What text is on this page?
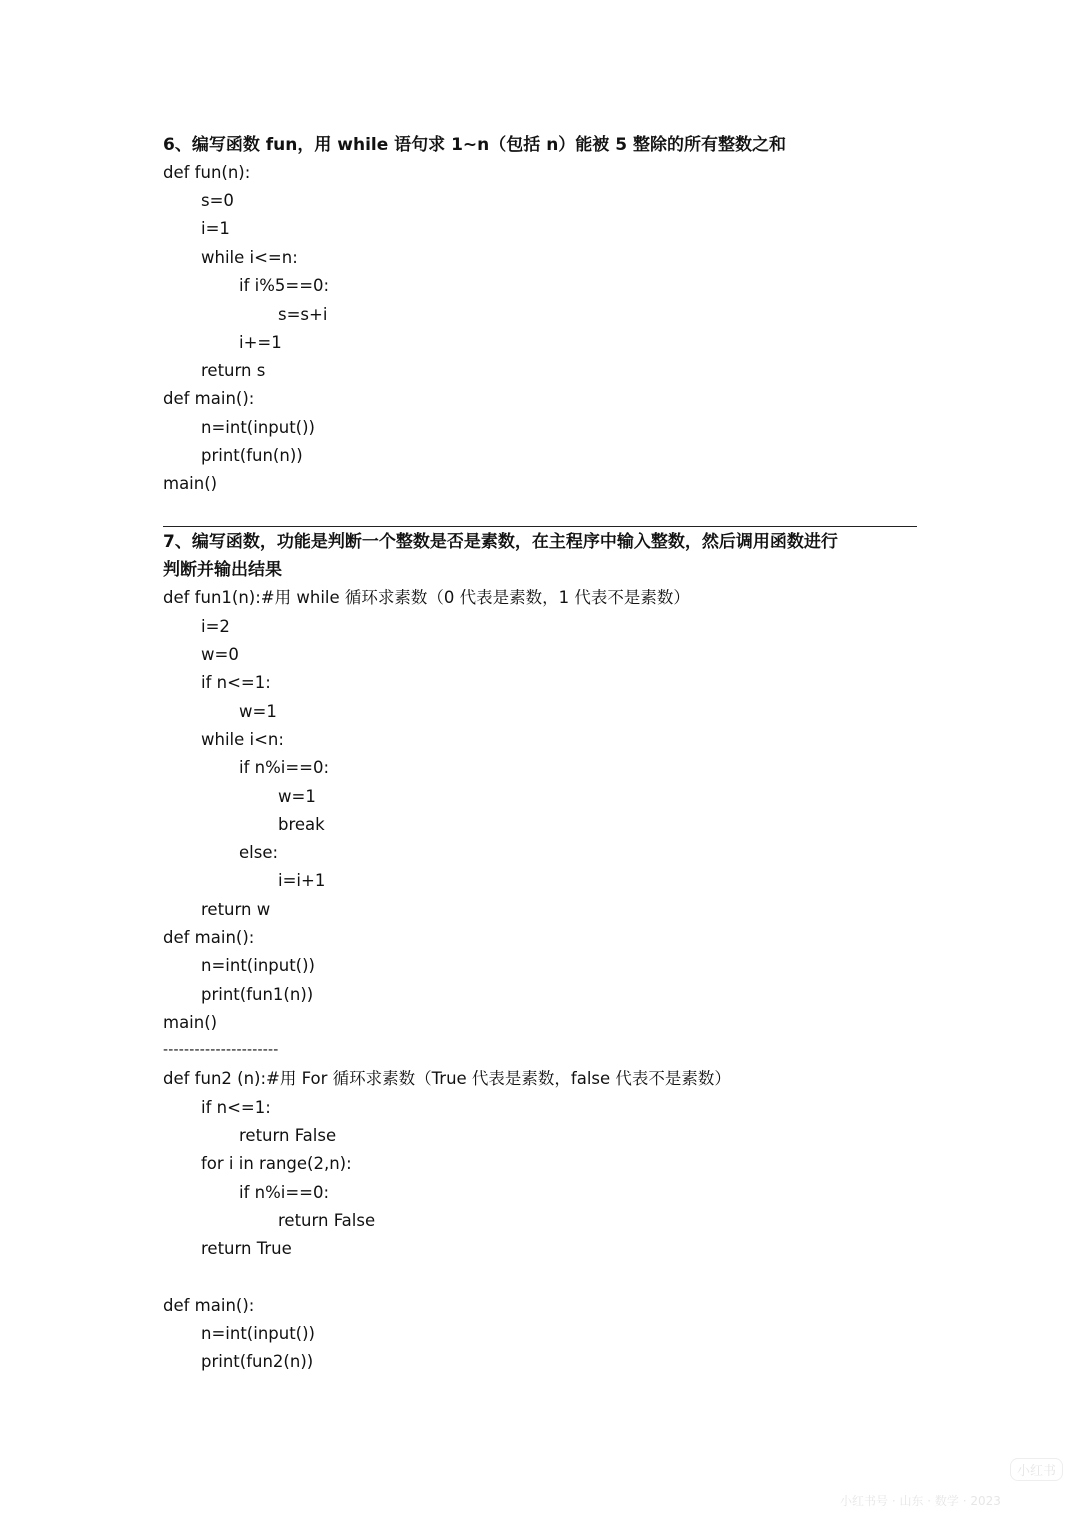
6、编写函数 fun，用 while 语句求 1~n（包括 n）能被 5 整除的所有整数之和
def fun(n):
s=0
i=1
while i<=n:
if i%5==0:
s=s+i
i+=1
return s
def main():
n=int(input())
print(fun(n))
main()
7、编写函数，功能是判断一个整数是否是素数，在主程序中输入整数，然后调用函数进行
判断并输出结果
def fun1(n):#用 while 循环求素数（0 代表是素数，1 代表不是素数）
i=2
w=0
if n<=1:
w=1
while i<n:
if n%i==0:
w=1
break
else:
i=i+1
return w
def main():
n=int(input())
print(fun1(n))
main()
----------------------
def fun2 (n):#用 For 循环求素数（True 代表是素数，false 代表不是素数）
if n<=1:
return False
for i in range(2,n):
if n%i==0:
return False
return True
def main():
n=int(input())
print(fun2(n))
小红书
小红书号 · 山东 · 数学 · 2023
